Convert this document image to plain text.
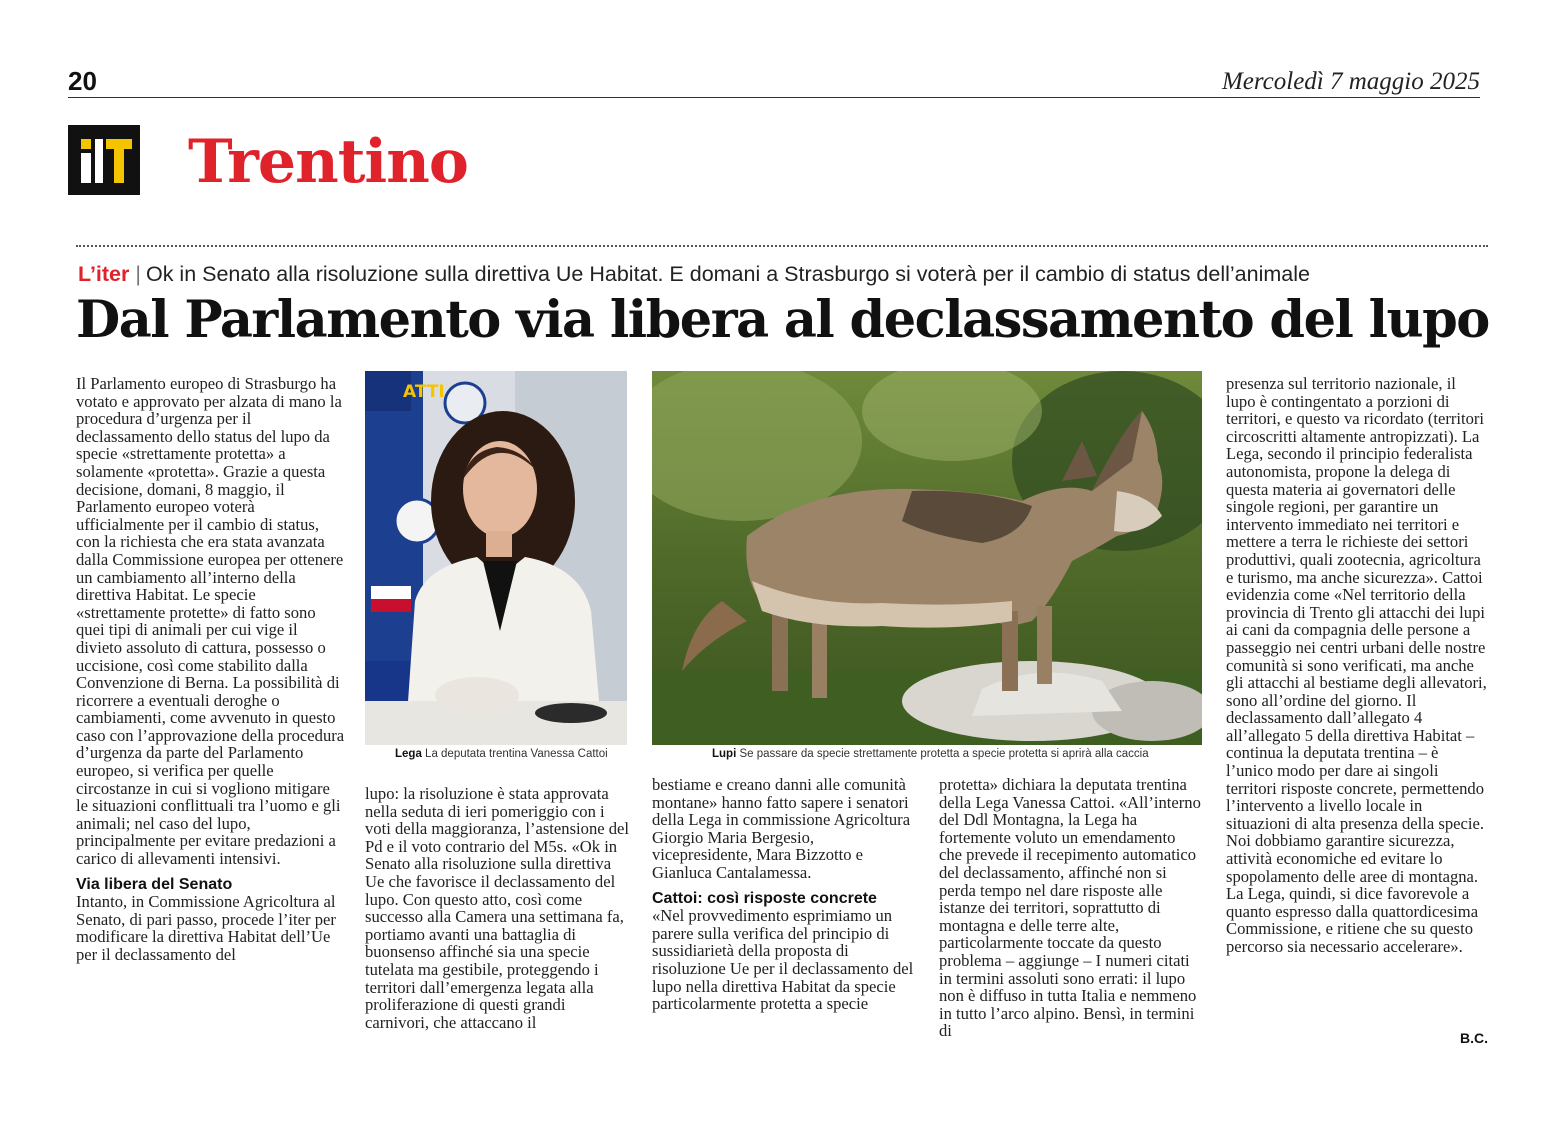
20	Mercoledì 7 maggio 2025
Trentino
L’iter | Ok in Senato alla risoluzione sulla direttiva Ue Habitat. E domani a Strasburgo si voterà per il cambio di status dell’animale
Dal Parlamento via libera al declassamento del lupo

Il Parlamento europeo di Strasburgo ha votato e approvato per alzata di mano la procedura d’urgenza per il declassamento dello status del lupo da specie «strettamente protetta» a solamente «protetta». Grazie a questa decisione, domani, 8 maggio, il Parlamento europeo voterà ufficialmente per il cambio di status, con la richiesta che era stata avanzata dalla Commissione europea per ottenere un cambiamento all’interno della direttiva Habitat. Le specie «strettamente protette» di fatto sono quei tipi di animali per cui vige il divieto assoluto di cattura, possesso o uccisione, così come stabilito dalla Convenzione di Berna. La possibilità di ricorrere a eventuali deroghe o cambiamenti, come avvenuto in questo caso con l’approvazione della procedura d’urgenza da parte del Parlamento europeo, si verifica per quelle circostanze in cui si vogliono mitigare le situazioni conflittuali tra l’uomo e gli animali; nel caso del lupo, principalmente per evitare predazioni a carico di allevamenti intensivi.

Via libera del Senato

Intanto, in Commissione Agricoltura al Senato, di pari passo, procede l’iter per modificare la direttiva Habitat dell’Ue per il declassamento del

ATTI
Lega La deputata trentina Vanessa Cattoi	Lupi Se passare da specie strettamente protetta a specie protetta si aprirà alla caccia

lupo: la risoluzione è stata approvata nella seduta di ieri pomeriggio con i voti della maggioranza, l’astensione del Pd e il voto contrario del M5s. «Ok in Senato alla risoluzione sulla direttiva Ue che favorisce il declassamento del lupo. Con questo atto, così come successo alla Camera una settimana fa, portiamo avanti una battaglia di buonsenso affinché sia una specie tutelata ma gestibile, proteggendo i territori dall’emergenza legata alla proliferazione di questi grandi carnivori, che attaccano il

bestiame e creano danni alle comunità montane» hanno fatto sapere i senatori della Lega in commissione Agricoltura Giorgio Maria Bergesio, vicepresidente, Mara Bizzotto e Gianluca Cantalamessa.

Cattoi: così risposte concrete

«Nel provvedimento esprimiamo un parere sulla verifica del principio di sussidiarietà della proposta di risoluzione Ue per il declassamento del lupo nella direttiva Habitat da specie particolarmente protetta a specie

protetta» dichiara la deputata trentina della Lega Vanessa Cattoi. «All’interno del Ddl Montagna, la Lega ha fortemente voluto un emendamento che prevede il recepimento automatico del declassamento, affinché non si perda tempo nel dare risposte alle istanze dei territori, soprattutto di montagna e delle terre alte, particolarmente toccate da questo problema – aggiunge – I numeri citati in termini assoluti sono errati: il lupo non è diffuso in tutta Italia e nemmeno in tutto l’arco alpino. Bensì, in termini di

presenza sul territorio nazionale, il lupo è contingentato a porzioni di territori, e questo va ricordato (territori circoscritti altamente antropizzati). La Lega, secondo il principio federalista autonomista, propone la delega di questa materia ai governatori delle singole regioni, per garantire un intervento immediato nei territori e mettere a terra le richieste dei settori produttivi, quali zootecnia, agricoltura e turismo, ma anche sicurezza». Cattoi evidenzia come «Nel territorio della provincia di Trento gli attacchi dei lupi ai cani da compagnia delle persone a passeggio nei centri urbani delle nostre comunità si sono verificati, ma anche gli attacchi al bestiame degli allevatori, sono all’ordine del giorno. Il declassamento dall’allegato 4 all’allegato 5 della direttiva Habitat – continua la deputata trentina – è l’unico modo per dare ai singoli territori risposte concrete, permettendo l’intervento a livello locale in situazioni di alta presenza della specie. Noi dobbiamo garantire sicurezza, attività economiche ed evitare lo spopolamento delle aree di montagna. La Lega, quindi, si dice favorevole a quanto espresso dalla quattordicesima Commissione, e ritiene che su questo percorso sia necessario accelerare».

B.C.
